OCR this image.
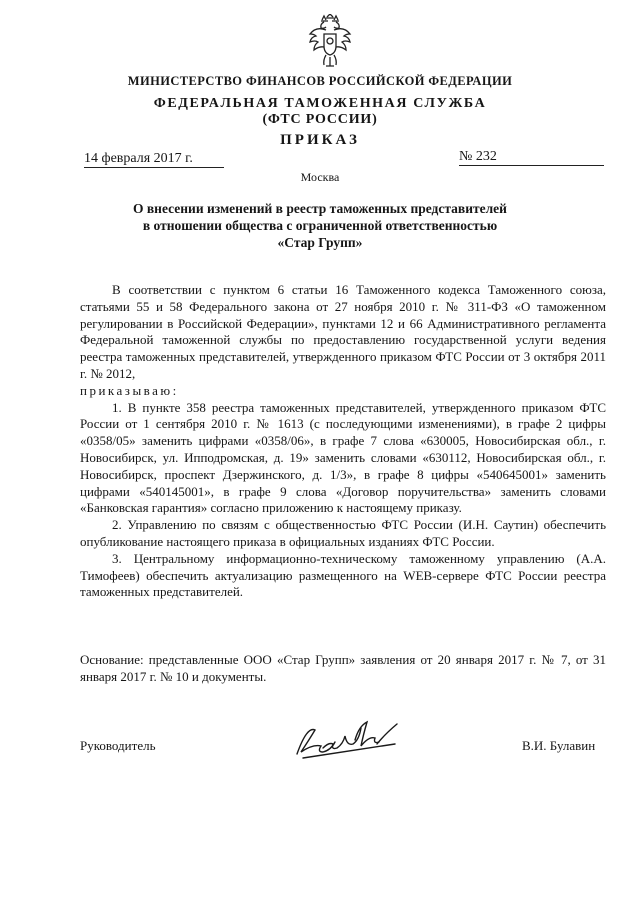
МИНИСТЕРСТВО ФИНАНСОВ РОССИЙСКОЙ ФЕДЕРАЦИИ
ФЕДЕРАЛЬНАЯ ТАМОЖЕННАЯ СЛУЖБА
(ФТС РОССИИ)
ПРИКАЗ
14 февраля 2017 г.	№ 232
Москва
О внесении изменений в реестр таможенных представителей
в отношении общества с ограниченной ответственностью
«Стар Групп»

В соответствии с пунктом 6 статьи 16 Таможенного кодекса Таможенного союза, статьями 55 и 58 Федерального закона от 27 ноября 2010 г. № 311-ФЗ «О таможенном регулировании в Российской Федерации», пунктами 12 и 66 Административного регламента Федеральной таможенной службы по предоставлению государственной услуги ведения реестра таможенных представителей, утвержденного приказом ФТС России от 3 октября 2011 г. № 2012,

приказываю:

1. В пункте 358 реестра таможенных представителей, утвержденного приказом ФТС России от 1 сентября 2010 г. № 1613 (с последующими изменениями), в графе 2 цифры «0358/05» заменить цифрами «0358/06», в графе 7 слова «630005, Новосибирская обл., г. Новосибирск, ул. Ипподромская, д. 19» заменить словами «630112, Новосибирская обл., г. Новосибирск, проспект Дзержинского, д. 1/3», в графе 8 цифры «540645001» заменить цифрами «540145001», в графе 9 слова «Договор поручительства» заменить словами «Банковская гарантия» согласно приложению к настоящему приказу.

2. Управлению по связям с общественностью ФТС России (И.Н. Саутин) обеспечить опубликование настоящего приказа в официальных изданиях ФТС России.

3. Центральному информационно-техническому таможенному управлению (А.А. Тимофеев) обеспечить актуализацию размещенного на WEB-сервере ФТС России реестра таможенных представителей.

Основание: представленные ООО «Стар Групп» заявления от 20 января 2017 г. № 7, от 31 января 2017 г. № 10 и документы.
Руководитель	В.И. Булавин
